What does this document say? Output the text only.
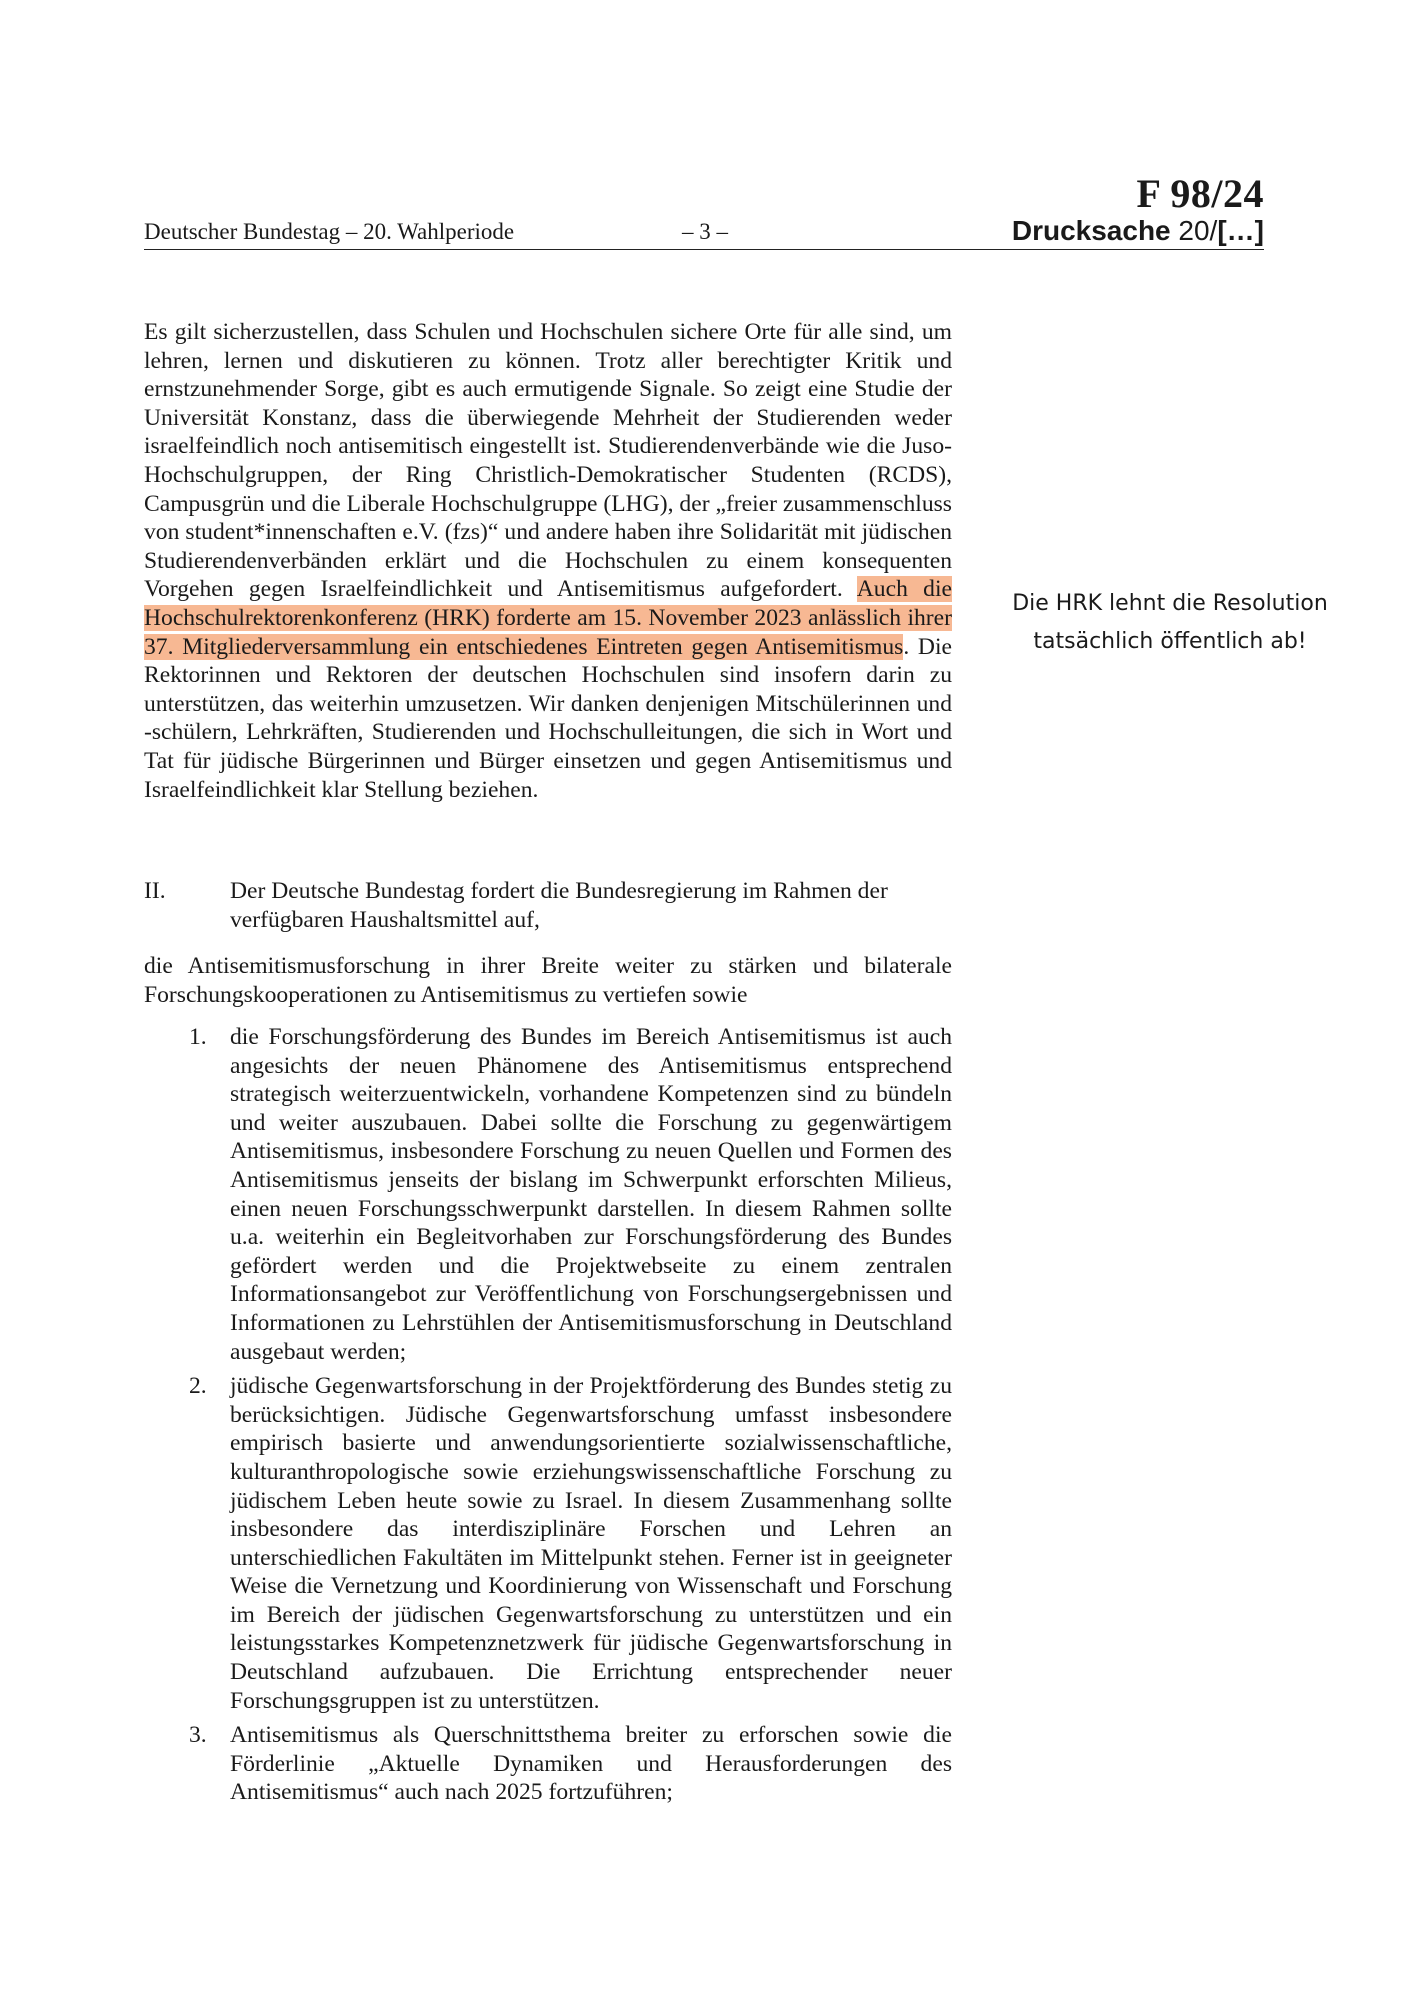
F 98/24
Deutscher Bundestag – 20. Wahlperiode	– 3 –	Drucksache 20/[…]

Es gilt sicherzustellen, dass Schulen und Hochschulen sichere Orte für alle sind, um lehren, lernen und diskutieren zu können. Trotz aller berechtigter Kritik und ernstzunehmender Sorge, gibt es auch ermutigende Signale. So zeigt eine Studie der Universität Konstanz, dass die überwiegende Mehrheit der Studierenden weder israelfeindlich noch antisemitisch eingestellt ist. Studierendenverbände wie die Juso-Hochschulgruppen, der Ring Christlich-Demokratischer Studenten (RCDS), Campusgrün und die Liberale Hochschulgruppe (LHG), der „freier zusammenschluss von student*innenschaften e.V. (fzs)“ und andere haben ihre Solidarität mit jüdischen Studierendenverbänden erklärt und die Hochschulen zu einem konsequenten Vorgehen gegen Israelfeindlichkeit und Antisemitismus aufgefordert. Auch die Hochschulrektorenkonferenz (HRK) forderte am 15. November 2023 anlässlich ihrer 37. Mitgliederversammlung ein entschiedenes Eintreten gegen Antisemitismus. Die Rektorinnen und Rektoren der deutschen Hochschulen sind insofern darin zu unterstützen, das weiterhin umzusetzen. Wir danken denjenigen Mitschülerinnen und -schülern, Lehrkräften, Studierenden und Hochschulleitungen, die sich in Wort und Tat für jüdische Bürgerinnen und Bürger einsetzen und gegen Antisemitismus und Israelfeindlichkeit klar Stellung beziehen.

Die HRK lehnt die Resolution tatsächlich öffentlich ab!
II.	Der Deutsche Bundestag fordert die Bundesregierung im Rahmen der verfügbaren Haushaltsmittel auf,

die Antisemitismusforschung in ihrer Breite weiter zu stärken und bilaterale Forschungskooperationen zu Antisemitismus zu vertiefen sowie

1. die Forschungsförderung des Bundes im Bereich Antisemitismus ist auch angesichts der neuen Phänomene des Antisemitismus entsprechend strategisch weiterzuentwickeln, vorhandene Kompetenzen sind zu bündeln und weiter auszubauen. Dabei sollte die Forschung zu gegenwärtigem Antisemitismus, insbesondere Forschung zu neuen Quellen und Formen des Antisemitismus jenseits der bislang im Schwerpunkt erforschten Milieus, einen neuen Forschungsschwerpunkt darstellen. In diesem Rahmen sollte u.a. weiterhin ein Begleitvorhaben zur Forschungsförderung des Bundes gefördert werden und die Projektwebseite zu einem zentralen Informationsangebot zur Veröffentlichung von Forschungsergebnissen und Informationen zu Lehrstühlen der Antisemitismusforschung in Deutschland ausgebaut werden;

2. jüdische Gegenwartsforschung in der Projektförderung des Bundes stetig zu berücksichtigen. Jüdische Gegenwartsforschung umfasst insbesondere empirisch basierte und anwendungsorientierte sozialwissenschaftliche, kulturanthropologische sowie erziehungswissenschaftliche Forschung zu jüdischem Leben heute sowie zu Israel. In diesem Zusammenhang sollte insbesondere das interdisziplinäre Forschen und Lehren an unterschiedlichen Fakultäten im Mittelpunkt stehen. Ferner ist in geeigneter Weise die Vernetzung und Koordinierung von Wissenschaft und Forschung im Bereich der jüdischen Gegenwartsforschung zu unterstützen und ein leistungsstarkes Kompetenznetzwerk für jüdische Gegenwartsforschung in Deutschland aufzubauen. Die Errichtung entsprechender neuer Forschungsgruppen ist zu unterstützen.

3. Antisemitismus als Querschnittsthema breiter zu erforschen sowie die Förderlinie „Aktuelle Dynamiken und Herausforderungen des Antisemitismus“ auch nach 2025 fortzuführen;
